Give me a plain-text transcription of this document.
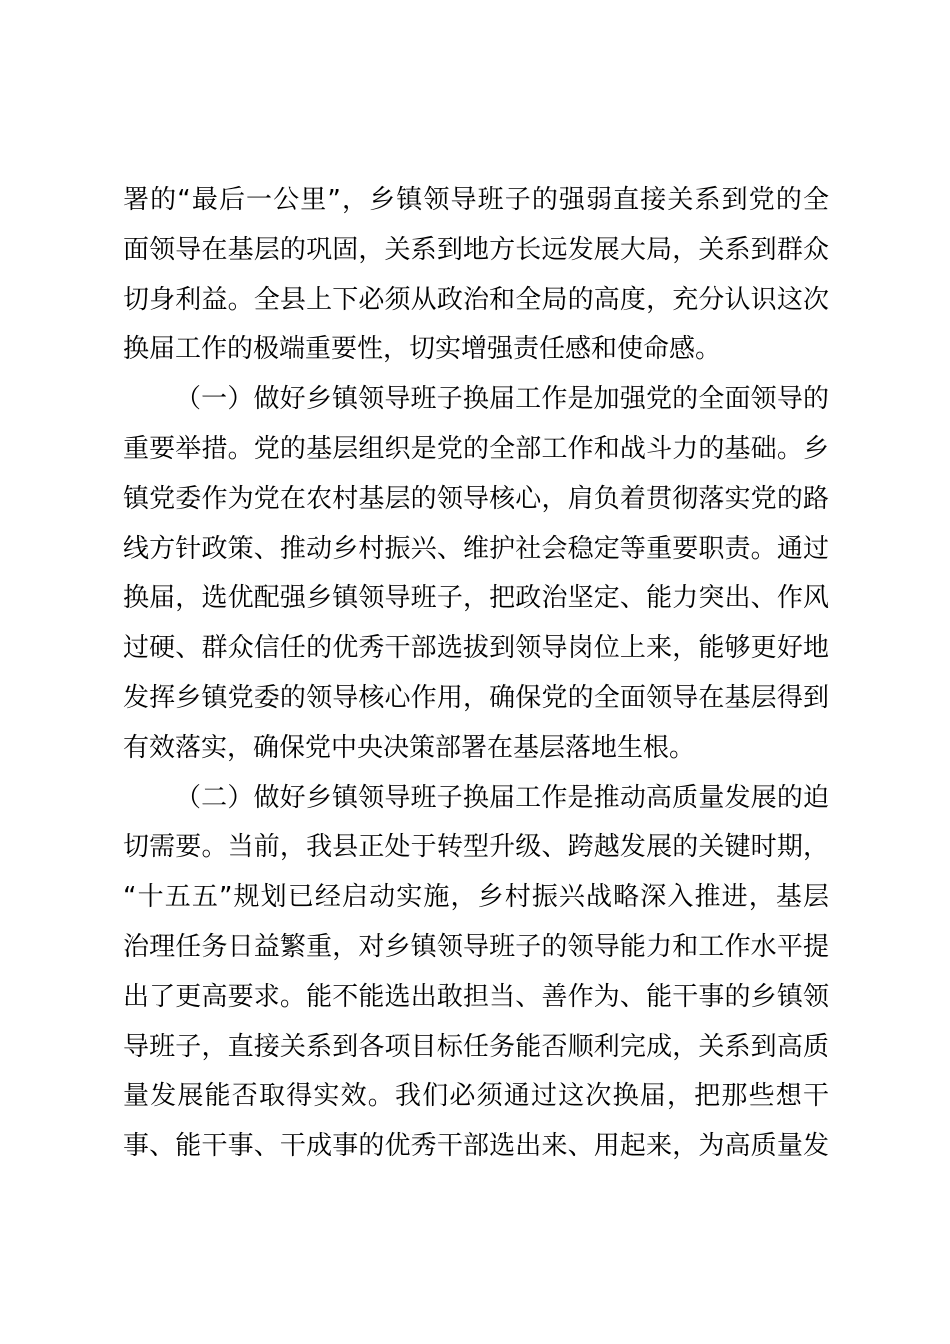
署的“最后一公里”，乡镇领导班子的强弱直接关系到党的全
面领导在基层的巩固，关系到地方长远发展大局，关系到群众
切身利益。全县上下必须从政治和全局的高度，充分认识这次
换届工作的极端重要性，切实增强责任感和使命感。
（一）做好乡镇领导班子换届工作是加强党的全面领导的
重要举措。党的基层组织是党的全部工作和战斗力的基础。乡
镇党委作为党在农村基层的领导核心，肩负着贯彻落实党的路
线方针政策、推动乡村振兴、维护社会稳定等重要职责。通过
换届，选优配强乡镇领导班子，把政治坚定、能力突出、作风
过硬、群众信任的优秀干部选拔到领导岗位上来，能够更好地
发挥乡镇党委的领导核心作用，确保党的全面领导在基层得到
有效落实，确保党中央决策部署在基层落地生根。
（二）做好乡镇领导班子换届工作是推动高质量发展的迫
切需要。当前，我县正处于转型升级、跨越发展的关键时期，
“十五五”规划已经启动实施，乡村振兴战略深入推进，基层
治理任务日益繁重，对乡镇领导班子的领导能力和工作水平提
出了更高要求。能不能选出敢担当、善作为、能干事的乡镇领
导班子，直接关系到各项目标任务能否顺利完成，关系到高质
量发展能否取得实效。我们必须通过这次换届，把那些想干
事、能干事、干成事的优秀干部选出来、用起来，为高质量发
